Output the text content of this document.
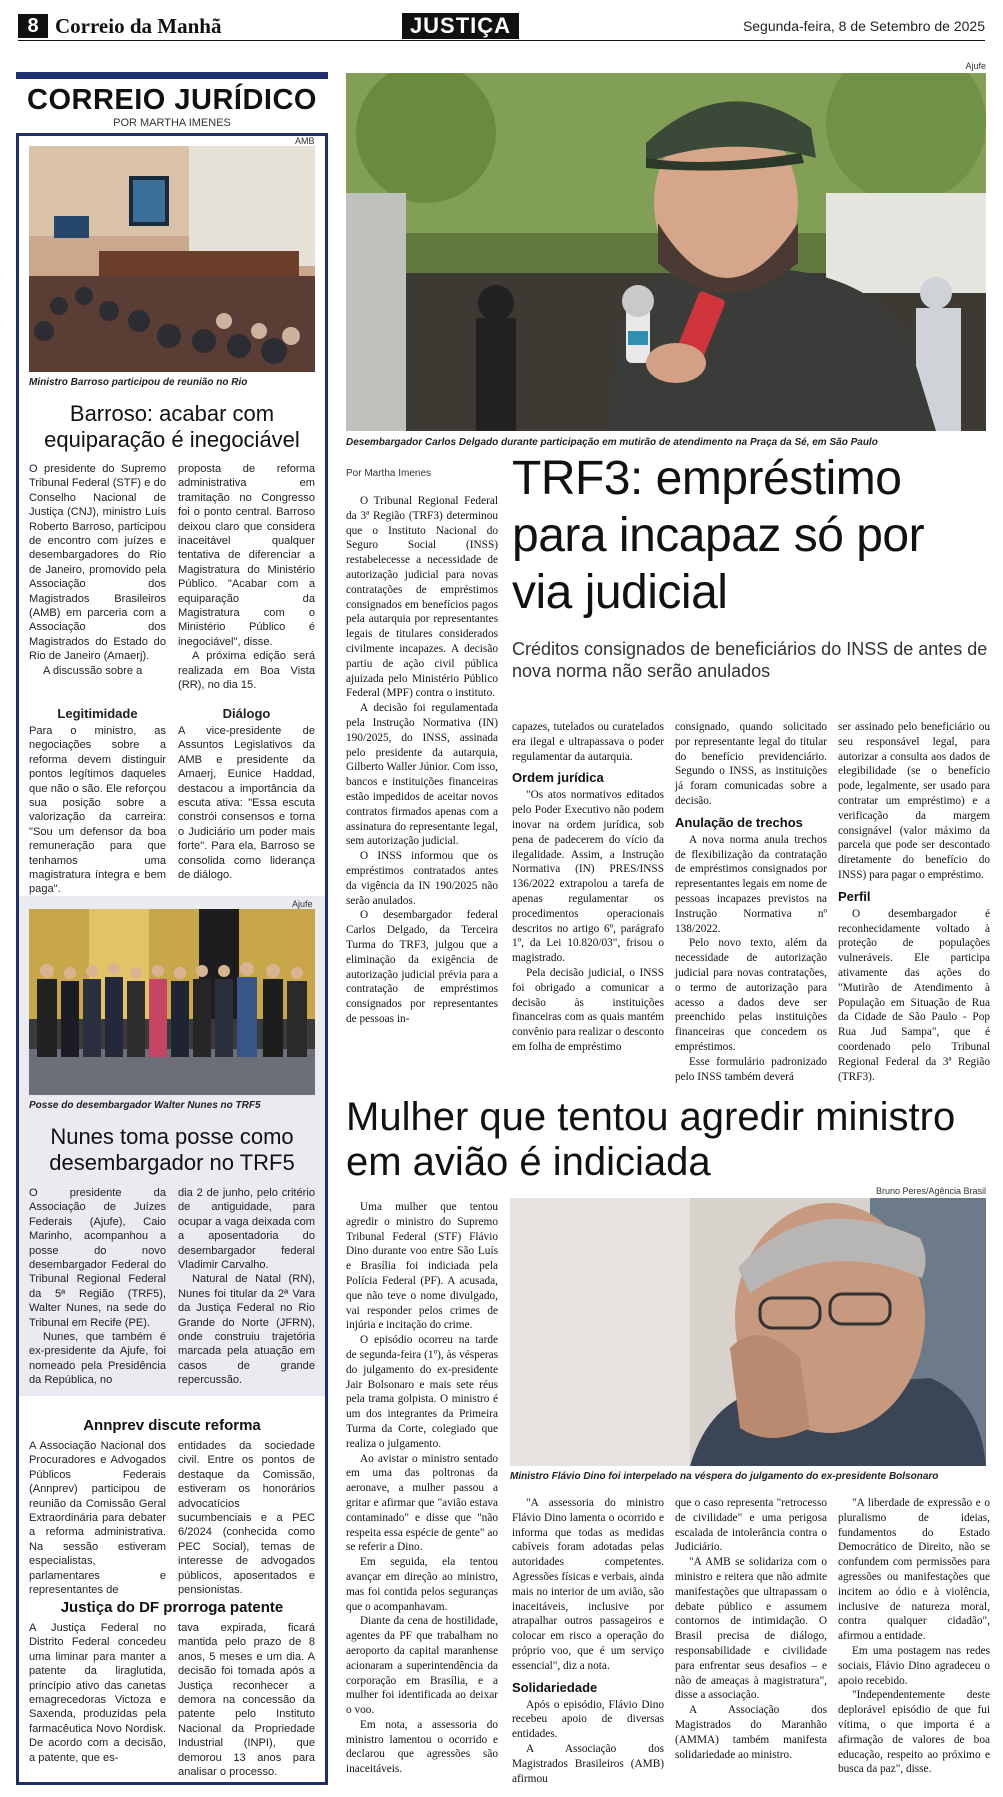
8 Correio da Manhã	JUSTIÇA	Segunda-feira, 8 de Setembro de 2025
CORREIO JURÍDICO
POR MARTHA IMENES
AMB
Ministro Barroso participou de reunião no Rio
Barroso: acabar com equiparação é inegociável

O presidente do Supremo Tribunal Federal (STF) e do Conselho Nacional de Justiça (CNJ), ministro Luís Roberto Barroso, participou de encontro com juízes e desembargadores do Rio de Janeiro, promovido pela Associação dos Magistrados Brasileiros (AMB) em parceria com a Associação dos Magistrados do Estado do Rio de Janeiro (Amaerj).

A discussão sobre a

proposta de reforma administrativa em tramitação no Congresso foi o ponto central. Barroso deixou claro que considera inaceitável qualquer tentativa de diferenciar a Magistratura do Ministério Público. "Acabar com a equiparação da Magistratura com o Ministério Público é inegociável", disse.

A próxima edição será realizada em Boa Vista (RR), no dia 15.

Legitimidade

Para o ministro, as negociações sobre a reforma devem distinguir pontos legítimos daqueles que não o são. Ele reforçou sua posição sobre a valorização da carreira: "Sou um defensor da boa remuneração para que tenhamos uma magistratura íntegra e bem paga".

Diálogo

A vice-presidente de Assuntos Legislativos da AMB e presidente da Amaerj, Eunice Haddad, destacou a importância da escuta ativa: "Essa escuta constrói consensos e torna o Judiciário um poder mais forte". Para ela, Barroso se consolida como liderança de diálogo.

Ajufe
Posse do desembargador Walter Nunes no TRF5
Nunes toma posse como desembargador no TRF5

O presidente da Associação de Juízes Federais (Ajufe), Caio Marinho, acompanhou a posse do novo desembargador Federal do Tribunal Regional Federal da 5ª Região (TRF5), Walter Nunes, na sede do Tribunal em Recife (PE).

Nunes, que também é ex-presidente da Ajufe, foi nomeado pela Presidência da República, no

dia 2 de junho, pelo critério de antiguidade, para ocupar a vaga deixada com a aposentadoria do desembargador federal Vladimir Carvalho.

Natural de Natal (RN), Nunes foi titular da 2ª Vara da Justiça Federal no Rio Grande do Norte (JFRN), onde construiu trajetória marcada pela atuação em casos de grande repercussão.

Annprev discute reforma

A Associação Nacional dos Procuradores e Advogados Públicos Federais (Annprev) participou de reunião da Comissão Geral Extraordinária para debater a reforma administrativa. Na sessão estiveram especialistas, parlamentares e representantes de

entidades da sociedade civil. Entre os pontos de destaque da Comissão, estiveram os honorários advocatícios sucumbenciais e a PEC 6/2024 (conhecida como PEC Social), temas de interesse de advogados públicos, aposentados e pensionistas.

Justiça do DF prorroga patente

A Justiça Federal no Distrito Federal concedeu uma liminar para manter a patente da liraglutida, princípio ativo das canetas emagrecedoras Victoza e Saxenda, produzidas pela farmacêutica Novo Nordisk. De acordo com a decisão, a patente, que es-

tava expirada, ficará mantida pelo prazo de 8 anos, 5 meses e um dia. A decisão foi tomada após a Justiça reconhecer a demora na concessão da patente pelo Instituto Nacional da Propriedade Industrial (INPI), que demorou 13 anos para analisar o processo.

Ajufe
Desembargador Carlos Delgado durante participação em mutirão de atendimento na Praça da Sé, em São Paulo
Por Martha Imenes TRF3: empréstimo para incapaz só por via judicial
Créditos consignados de beneficiários do INSS de antes de nova norma não serão anulados

O Tribunal Regional Federal da 3ª Região (TRF3) determinou que o Instituto Nacional do Seguro Social (INSS) restabelecesse a necessidade de autorização judicial para novas contratações de empréstimos consignados em benefícios pagos pela autarquia por representantes legais de titulares considerados civilmente incapazes. A decisão partiu de ação civil pública ajuizada pelo Ministério Público Federal (MPF) contra o instituto.

A decisão foi regulamentada pela Instrução Normativa (IN) 190/2025, do INSS, assinada pelo presidente da autarquia, Gilberto Waller Júnior. Com isso, bancos e instituições financeiras estão impedidos de aceitar novos contratos firmados apenas com a assinatura do representante legal, sem autorização judicial.

O INSS informou que os empréstimos contratados antes da vigência da IN 190/2025 não serão anulados.

O desembargador federal Carlos Delgado, da Terceira Turma do TRF3, julgou que a eliminação da exigência de autorização judicial prévia para a contratação de empréstimos consignados por representantes de pessoas in-

capazes, tutelados ou curatelados era ilegal e ultrapassava o poder regulamentar da autarquia.

Ordem jurídica

"Os atos normativos editados pelo Poder Executivo não podem inovar na ordem jurídica, sob pena de padecerem do vício da ilegalidade. Assim, a Instrução Normativa (IN) PRES/INSS 136/2022 extrapolou a tarefa de apenas regulamentar os procedimentos operacionais descritos no artigo 6º, parágrafo 1º, da Lei 10.820/03", frisou o magistrado.

Pela decisão judicial, o INSS foi obrigado a comunicar a decisão às instituições financeiras com as quais mantém convênio para realizar o desconto em folha de empréstimo

consignado, quando solicitado por representante legal do titular do benefício previdenciário. Segundo o INSS, as instituições já foram comunicadas sobre a decisão.

Anulação de trechos

A nova norma anula trechos de flexibilização da contratação de empréstimos consignados por representantes legais em nome de pessoas incapazes previstos na Instrução Normativa nº 138/2022.

Pelo novo texto, além da necessidade de autorização judicial para novas contratações, o termo de autorização para acesso a dados deve ser preenchido pelas instituições financeiras que concedem os empréstimos.

Esse formulário padronizado pelo INSS também deverá

ser assinado pelo beneficiário ou seu responsável legal, para autorizar a consulta aos dados de elegibilidade (se o benefício pode, legalmente, ser usado para contratar um empréstimo) e a verificação da margem consignável (valor máximo da parcela que pode ser descontado diretamente do benefício do INSS) para pagar o empréstimo.

Perfil

O desembargador é reconhecidamente voltado à proteção de populações vulneráveis. Ele participa ativamente das ações do "Mutirão de Atendimento à População em Situação de Rua da Cidade de São Paulo - Pop Rua Jud Sampa", que é coordenado pelo Tribunal Regional Federal da 3ª Região (TRF3).

Mulher que tentou agredir ministro em avião é indiciada

Uma mulher que tentou agredir o ministro do Supremo Tribunal Federal (STF) Flávio Dino durante voo entre São Luís e Brasília foi indiciada pela Polícia Federal (PF). A acusada, que não teve o nome divulgado, vai responder pelos crimes de injúria e incitação do crime.

O episódio ocorreu na tarde de segunda-feira (1º), às vésperas do julgamento do ex-presidente Jair Bolsonaro e mais sete réus pela trama golpista. O ministro é um dos integrantes da Primeira Turma da Corte, colegiado que realiza o julgamento.

Ao avistar o ministro sentado em uma das poltronas da aeronave, a mulher passou a gritar e afirmar que "avião estava contaminado" e disse que "não respeita essa espécie de gente" ao se referir a Dino.

Em seguida, ela tentou avançar em direção ao ministro, mas foi contida pelos seguranças que o acompanhavam.

Diante da cena de hostilidade, agentes da PF que trabalham no aeroporto da capital maranhense acionaram a superintendência da corporação em Brasília, e a mulher foi identificada ao deixar o voo.

Em nota, a assessoria do ministro lamentou o ocorrido e declarou que agressões são inaceitáveis.

Bruno Peres/Agência Brasil
Ministro Flávio Dino foi interpelado na véspera do julgamento do ex-presidente Bolsonaro

"A assessoria do ministro Flávio Dino lamenta o ocorrido e informa que todas as medidas cabíveis foram adotadas pelas autoridades competentes. Agressões físicas e verbais, ainda mais no interior de um avião, são inaceitáveis, inclusive por atrapalhar outros passageiros e colocar em risco a operação do próprio voo, que é um serviço essencial", diz a nota.

Solidariedade

Após o episódio, Flávio Dino recebeu apoio de diversas entidades.

A Associação dos Magistrados Brasileiros (AMB) afirmou

que o caso representa "retrocesso de civilidade" e uma perigosa escalada de intolerância contra o Judiciário.

"A AMB se solidariza com o ministro e reitera que não admite manifestações que ultrapassam o debate público e assumem contornos de intimidação. O Brasil precisa de diálogo, responsabilidade e civilidade para enfrentar seus desafios – e não de ameaças à magistratura", disse a associação.

A Associação dos Magistrados do Maranhão (AMMA) também manifesta solidariedade ao ministro.

"A liberdade de expressão e o pluralismo de ideias, fundamentos do Estado Democrático de Direito, não se confundem com permissões para agressões ou manifestações que incitem ao ódio e à violência, inclusive de natureza moral, contra qualquer cidadão", afirmou a entidade.

Em uma postagem nas redes sociais, Flávio Dino agradeceu o apoio recebido.

"Independentemente deste deplorável episódio de que fui vítima, o que importa é a afirmação de valores de boa educação, respeito ao próximo e busca da paz", disse.
